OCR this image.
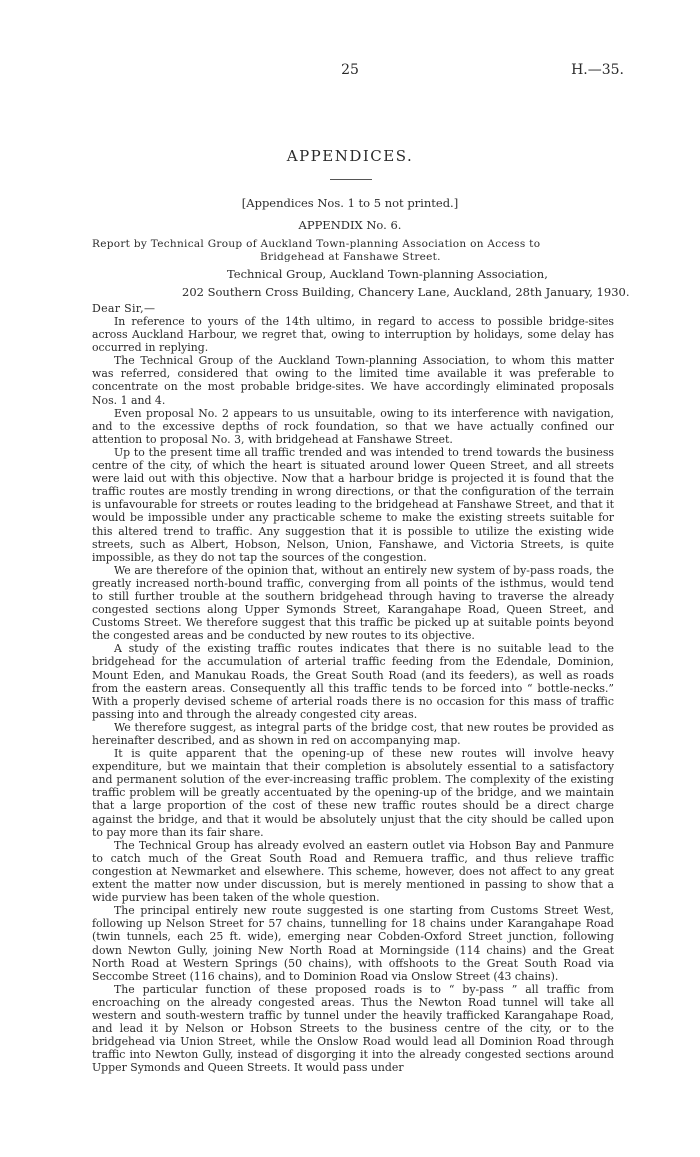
25	H.—35.
APPENDICES.
[Appendices Nos. 1 to 5 not printed.]
APPENDIX No. 6.
Report by Technical Group of Auckland Town-planning Association on Access to
Bridgehead at Fanshawe Street.
Technical Group, Auckland Town-planning Association,
202 Southern Cross Building, Chancery Lane, Auckland, 28th January, 1930.
Dear Sir,—

In reference to yours of the 14th ultimo, in regard to access to possible bridge-sites across Auckland Harbour, we regret that, owing to interruption by holidays, some delay has occurred in replying.

The Technical Group of the Auckland Town-planning Association, to whom this matter was referred, considered that owing to the limited time available it was preferable to concentrate on the most probable bridge-sites. We have accordingly eliminated proposals Nos. 1 and 4.

Even proposal No. 2 appears to us unsuitable, owing to its interference with navigation, and to the excessive depths of rock foundation, so that we have actually confined our attention to proposal No. 3, with bridgehead at Fanshawe Street.

Up to the present time all traffic trended and was intended to trend towards the business centre of the city, of which the heart is situated around lower Queen Street, and all streets were laid out with this objective. Now that a harbour bridge is projected it is found that the traffic routes are mostly trending in wrong directions, or that the configuration of the terrain is unfavourable for streets or routes leading to the bridgehead at Fanshawe Street, and that it would be impossible under any practicable scheme to make the existing streets suitable for this altered trend to traffic. Any suggestion that it is possible to utilize the existing wide streets, such as Albert, Hobson, Nelson, Union, Fanshawe, and Victoria Streets, is quite impossible, as they do not tap the sources of the congestion.

We are therefore of the opinion that, without an entirely new system of by-pass roads, the greatly increased north-bound traffic, converging from all points of the isthmus, would tend to still further trouble at the southern bridgehead through having to traverse the already congested sections along Upper Symonds Street, Karangahape Road, Queen Street, and Customs Street. We therefore suggest that this traffic be picked up at suitable points beyond the congested areas and be conducted by new routes to its objective.

A study of the existing traffic routes indicates that there is no suitable lead to the bridgehead for the accumulation of arterial traffic feeding from the Edendale, Dominion, Mount Eden, and Manukau Roads, the Great South Road (and its feeders), as well as roads from the eastern areas. Consequently all this traffic tends to be forced into “ bottle-necks.” With a properly devised scheme of arterial roads there is no occasion for this mass of traffic passing into and through the already congested city areas.

We therefore suggest, as integral parts of the bridge cost, that new routes be provided as hereinafter described, and as shown in red on accompanying map.

It is quite apparent that the opening-up of these new routes will involve heavy expenditure, but we maintain that their completion is absolutely essential to a satisfactory and permanent solution of the ever-increasing traffic problem. The complexity of the existing traffic problem will be greatly accentuated by the opening-up of the bridge, and we maintain that a large proportion of the cost of these new traffic routes should be a direct charge against the bridge, and that it would be absolutely unjust that the city should be called upon to pay more than its fair share.

The Technical Group has already evolved an eastern outlet via Hobson Bay and Panmure to catch much of the Great South Road and Remuera traffic, and thus relieve traffic congestion at Newmarket and elsewhere. This scheme, however, does not affect to any great extent the matter now under discussion, but is merely mentioned in passing to show that a wide purview has been taken of the whole question.

The principal entirely new route suggested is one starting from Customs Street West, following up Nelson Street for 57 chains, tunnelling for 18 chains under Karangahape Road (twin tunnels, each 25 ft. wide), emerging near Cobden-Oxford Street junction, following down Newton Gully, joining New North Road at Morningside (114 chains) and the Great North Road at Western Springs (50 chains), with offshoots to the Great South Road via Seccombe Street (116 chains), and to Dominion Road via Onslow Street (43 chains).

The particular function of these proposed roads is to “ by-pass ” all traffic from encroaching on the already congested areas. Thus the Newton Road tunnel will take all western and south-western traffic by tunnel under the heavily trafficked Karangahape Road, and lead it by Nelson or Hobson Streets to the business centre of the city, or to the bridgehead via Union Street, while the Onslow Road would lead all Dominion Road through traffic into Newton Gully, instead of disgorging it into the already congested sections around Upper Symonds and Queen Streets. It would pass under
